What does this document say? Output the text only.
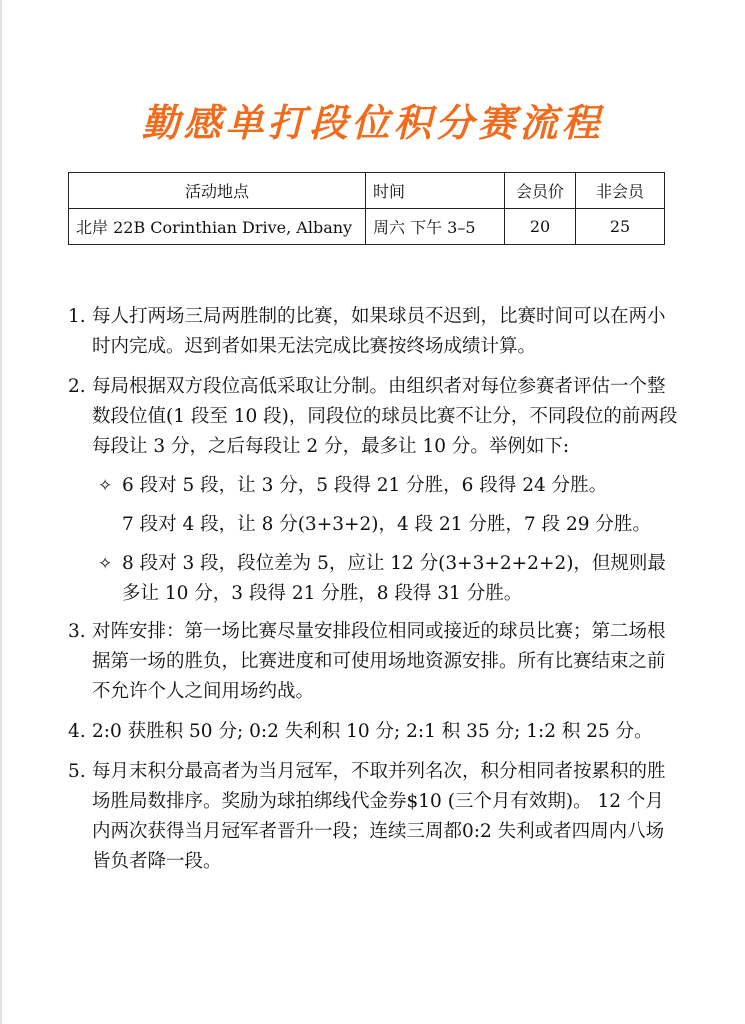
勤感单打段位积分赛流程
活动地点	时间	会员价	非会员
北岸 22B Corinthian Drive, Albany	周六 下午 3–5	20	25
1. 每人打两场三局两胜制的比赛，如果球员不迟到，比赛时间可以在两小时内完成。迟到者如果无法完成比赛按终场成绩计算。
2. 每局根据双方段位高低采取让分制。由组织者对每位参赛者评估一个整数段位值(1 段至 10 段)，同段位的球员比赛不让分，不同段位的前两段每段让 3 分，之后每段让 2 分，最多让 10 分。举例如下:
✧ 6 段对 5 段，让 3 分，5 段得 21 分胜，6 段得 24 分胜。
7 段对 4 段，让 8 分(3+3+2)，4 段 21 分胜，7 段 29 分胜。
✧ 8 段对 3 段，段位差为 5，应让 12 分(3+3+2+2+2)，但规则最多让 10 分，3 段得 21 分胜，8 段得 31 分胜。
3. 对阵安排：第一场比赛尽量安排段位相同或接近的球员比赛；第二场根据第一场的胜负，比赛进度和可使用场地资源安排。所有比赛结束之前不允许个人之间用场约战。
4. 2:0 获胜积 50 分; 0:2 失利积 10 分; 2:1 积 35 分; 1:2 积 25 分。
5. 每月末积分最高者为当月冠军，不取并列名次，积分相同者按累积的胜场胜局数排序。奖励为球拍绑线代金券$10 (三个月有效期)。 12 个月内两次获得当月冠军者晋升一段；连续三周都0:2 失利或者四周内八场皆负者降一段。
